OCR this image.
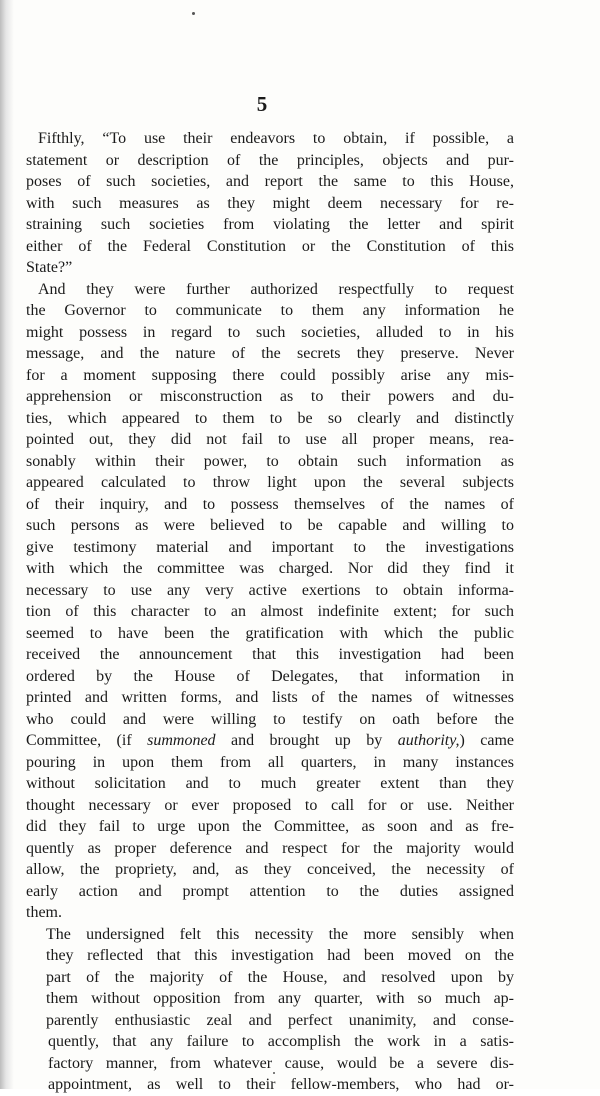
5
Fifthly, “To use their endeavors to obtain, if possible, a
statement or description of the principles, objects and pur-
poses of such societies, and report the same to this House,
with such measures as they might deem necessary for re-
straining such societies from violating the letter and spirit
either of the Federal Constitution or the Constitution of this
State?”
And they were further authorized respectfully to request
the Governor to communicate to them any information he
might possess in regard to such societies, alluded to in his
message, and the nature of the secrets they preserve. Never
for a moment supposing there could possibly arise any mis-
apprehension or misconstruction as to their powers and du-
ties, which appeared to them to be so clearly and distinctly
pointed out, they did not fail to use all proper means, rea-
sonably within their power, to obtain such information as
appeared calculated to throw light upon the several subjects
of their inquiry, and to possess themselves of the names of
such persons as were believed to be capable and willing to
give testimony material and important to the investigations
with which the committee was charged. Nor did they find it
necessary to use any very active exertions to obtain informa-
tion of this character to an almost indefinite extent; for such
seemed to have been the gratification with which the public
received the announcement that this investigation had been
ordered by the House of Delegates, that information in
printed and written forms, and lists of the names of witnesses
who could and were willing to testify on oath before the
Committee, (if summoned and brought up by authority,) came
pouring in upon them from all quarters, in many instances
without solicitation and to much greater extent than they
thought necessary or ever proposed to call for or use. Neither
did they fail to urge upon the Committee, as soon and as fre-
quently as proper deference and respect for the majority would
allow, the propriety, and, as they conceived, the necessity of
early action and prompt attention to the duties assigned
them.
The undersigned felt this necessity the more sensibly when
they reflected that this investigation had been moved on the
part of the majority of the House, and resolved upon by
them without opposition from any quarter, with so much ap-
parently enthusiastic zeal and perfect unanimity, and conse-
quently, that any failure to accomplish the work in a satis-
factory manner, from whatever cause, would be a severe dis-
appointment, as well to their fellow-members, who had or-
